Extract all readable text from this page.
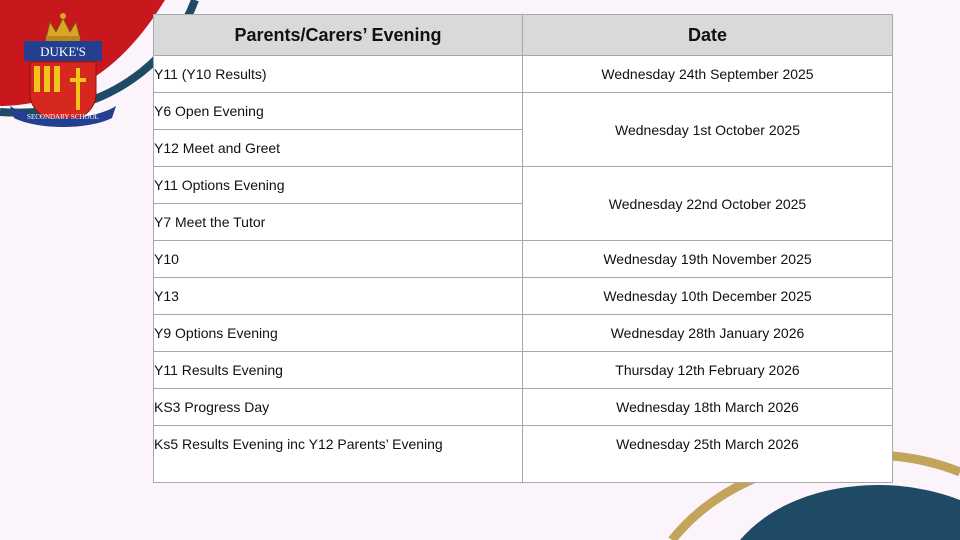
DUKE'S
SECONDARY SCHOOL
Parents/Carers’ Evening	Date
Y11 (Y10 Results)	Wednesday 24th September 2025
Y6 Open Evening	Wednesday 1st October 2025
Y12 Meet and Greet	
Y11 Options Evening	Wednesday 22nd October 2025
Y7 Meet the Tutor	
Y10	Wednesday 19th November 2025
Y13	Wednesday 10th December 2025
Y9 Options Evening	Wednesday 28th January 2026
Y11 Results Evening	Thursday 12th February 2026
KS3 Progress Day	Wednesday 18th March 2026
Ks5 Results Evening inc Y12 Parents’ Evening	Wednesday 25th March 2026
